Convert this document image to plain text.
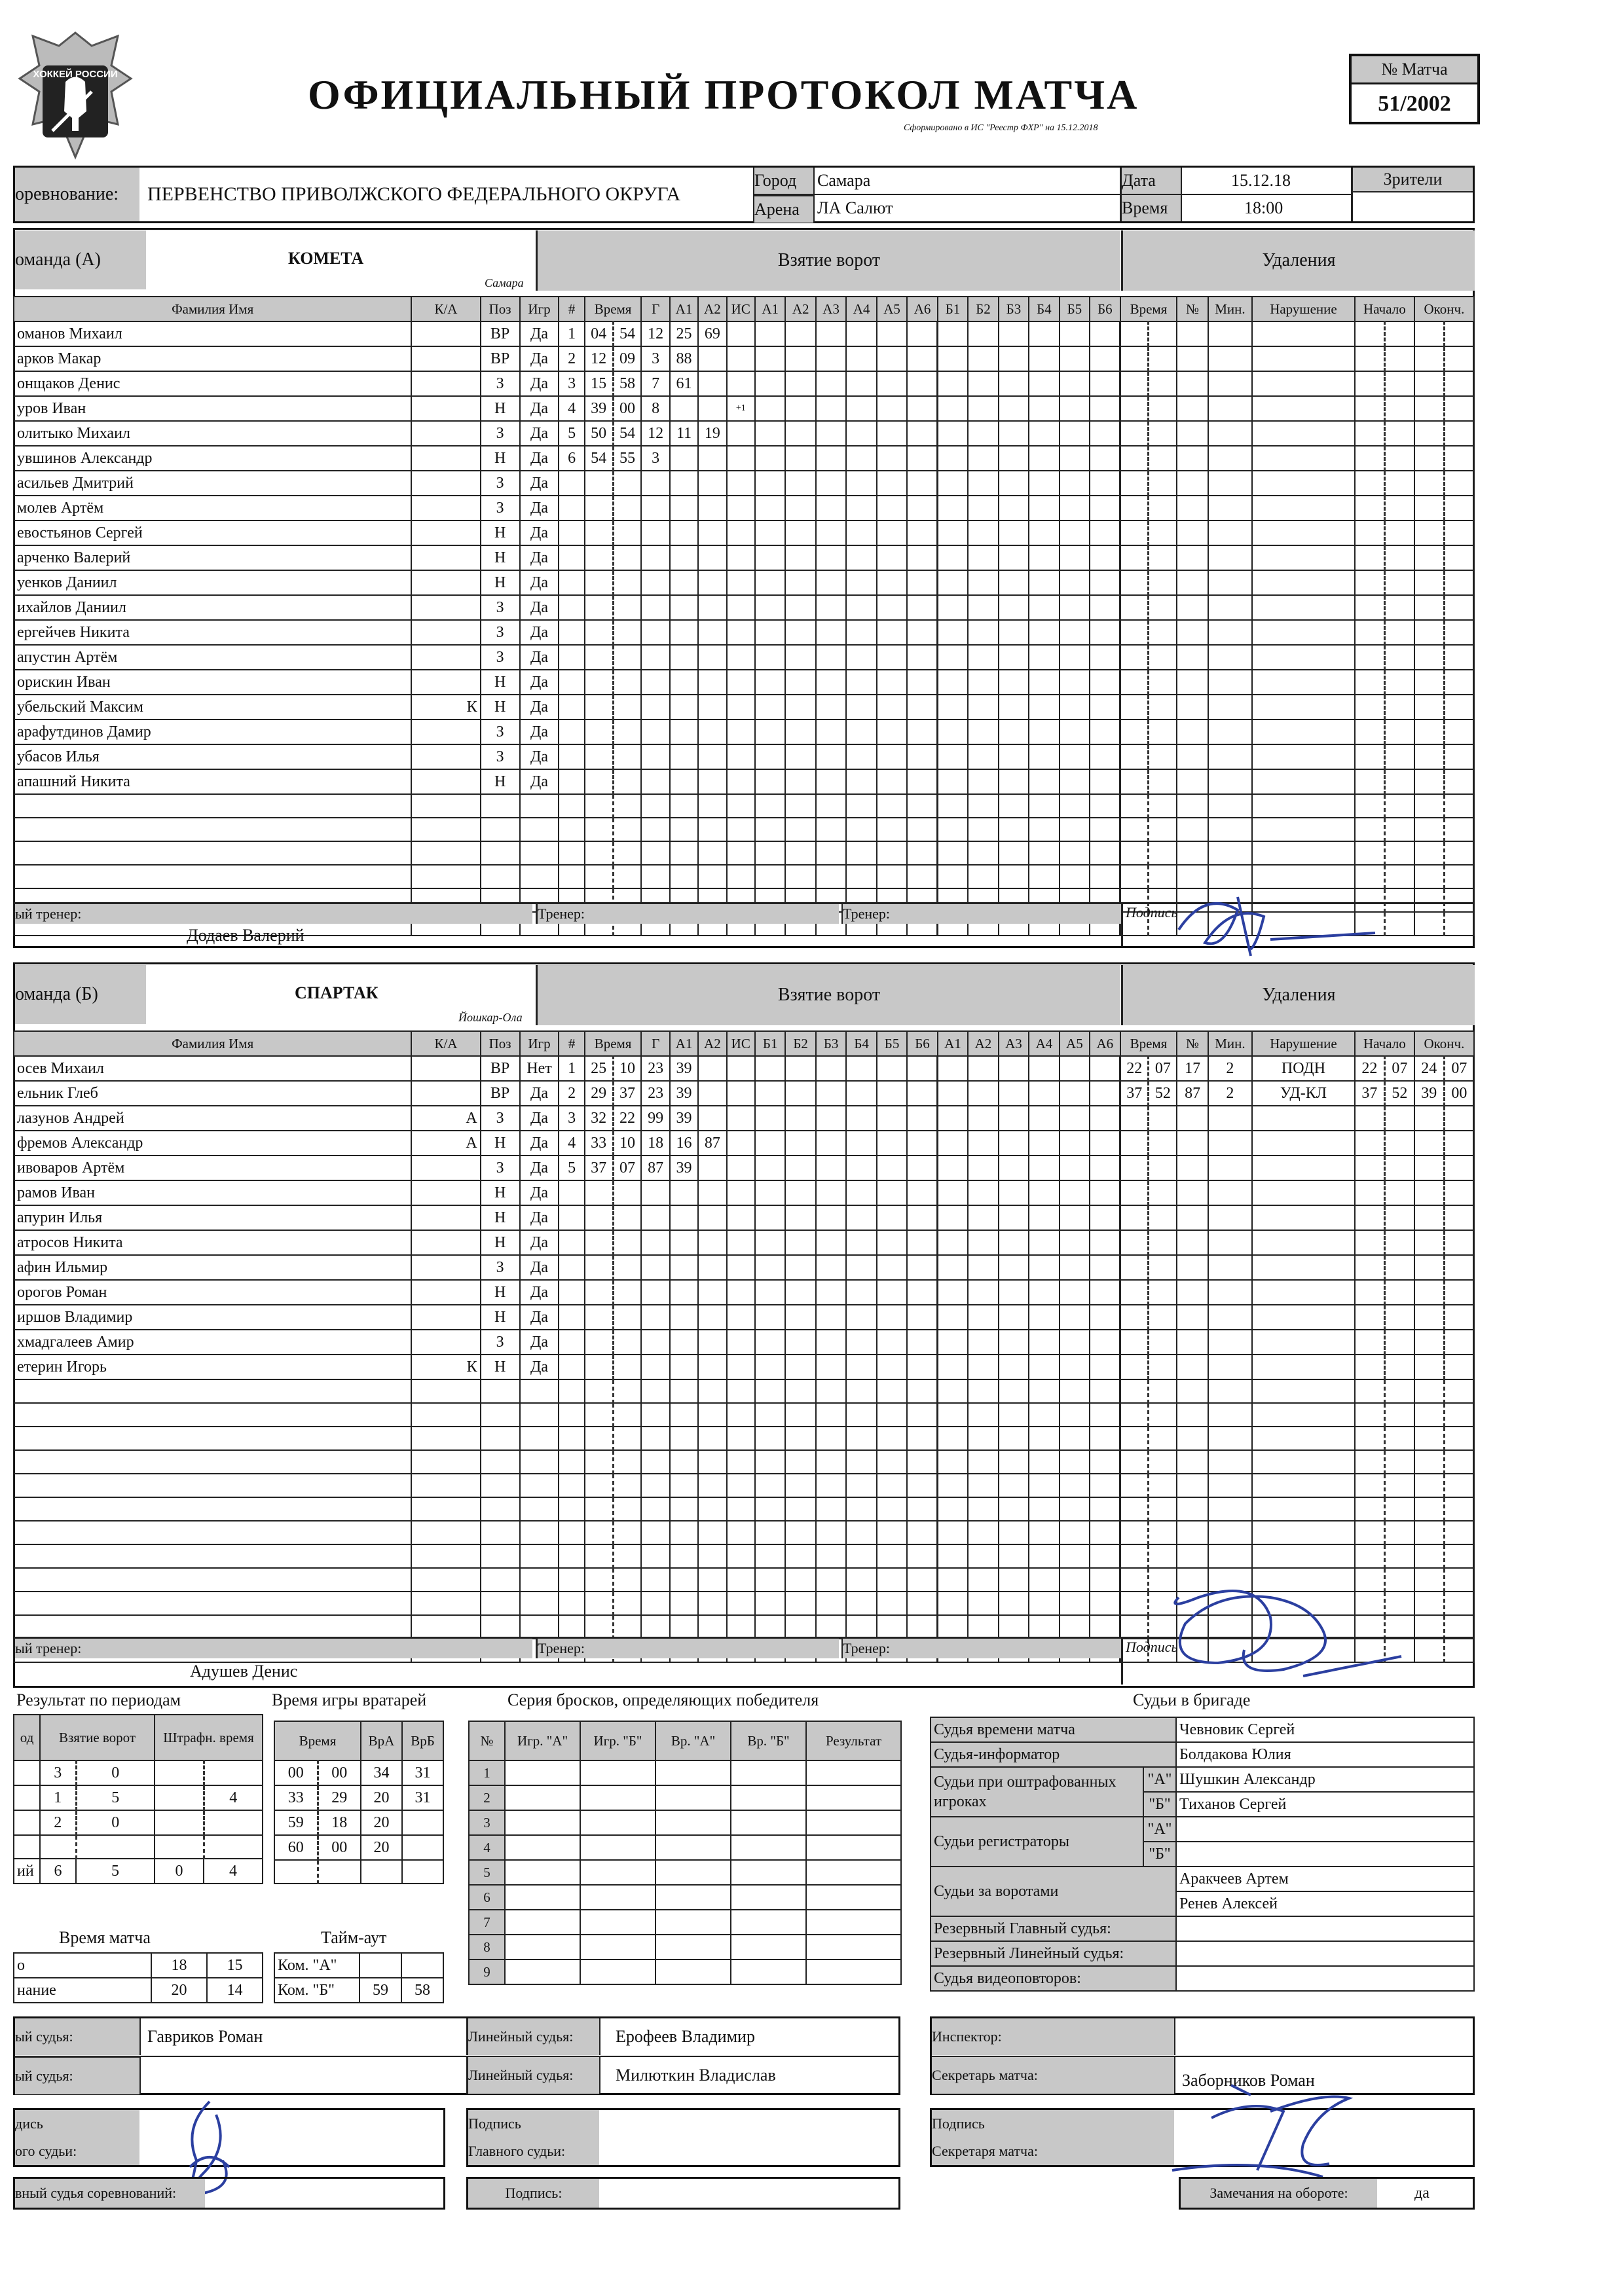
ХОККЕЙ РОССИИ	ОФИЦИАЛЬНЫЙ ПРОТОКОЛ МАТЧА
Сформировано в ИС "Реестр ФХР" на 15.12.2018
№ Матча
51/2002
оревнование:	ПЕРВЕНСТВО ПРИВОЛЖСКОГО ФЕДЕРАЛЬНОГО ОКРУГА
Город	Самара
Арена	ЛА Салют
Дата	15.12.18
Время	18:00
Зрители
оманда (А)	КОМЕТА
Самара
Взятие ворот	Удаления
Фамилия Имя	К/А	Поз	Игр	#	Время		Г	А1	А2	ИС	А1	А2	А3	А4	А5	А6	Б1	Б2	Б3	Б4	Б5	Б6	Время		№	Мин.	Нарушение	Начало		Оконч.	
оманов Михаил		ВР	Да	1	04	54	12	25	69																						
арков Макар		ВР	Да	2	12	09	3	88																							
онщаков Денис		З	Да	3	15	58	7	61																							
уров Иван		Н	Да	4	39	00	8			+1																					
олитыко Михаил		З	Да	5	50	54	12	11	19																						
увшинов Александр		Н	Да	6	54	55	3																								
асильев Дмитрий		З	Да																												
молев Артём		З	Да																												
евостьянов Сергей		Н	Да																												
арченко Валерий		Н	Да																												
уенков Даниил		Н	Да																												
ихайлов Даниил		З	Да																												
ергейчев Никита		З	Да																												
апустин Артём		З	Да																												
орискин Иван		Н	Да																												
убельский Максим	К	Н	Да																												
арафутдинов Дамир		З	Да																												
убасов Илья		З	Да																												
апашний Никита		Н	Да																												

ый тренер:
Додаев Валерий
Тренер:	Тренер:	Подпись
оманда (Б)	СПАРТАК
Йошкар-Ола
Взятие ворот	Удаления
Фамилия Имя	К/А	Поз	Игр	#	Время		Г	А1	А2	ИС	Б1	Б2	Б3	Б4	Б5	Б6	А1	А2	А3	А4	А5	А6	Время		№	Мин.	Нарушение	Начало		Оконч.	
осев Михаил		ВР	Нет	1	25	10	23	39															22	07	17	2	ПОДН	22	07	24	07
ельник Глеб		ВР	Да	2	29	37	23	39															37	52	87	2	УД-КЛ	37	52	39	00
лазунов Андрей	А	З	Да	3	32	22	99	39																							
фремов Александр	А	Н	Да	4	33	10	18	16	87																						
ивоваров Артём		З	Да	5	37	07	87	39																							
рамов Иван		Н	Да																												
апурин Илья		Н	Да																												
атросов Никита		Н	Да																												
афин Ильмир		З	Да																												
орогов Роман		Н	Да																												
иршов Владимир		Н	Да																												
хмадгалеев Амир		З	Да																												
етерин Игорь	К	Н	Да																												

ый тренер:
Адушев Денис
Тренер:	Тренер:	Подпись
Результат по периодам
од	Взятие ворот		Штрафн. время	
	3	0		
	1	5		4
	2	0		

ий	6	5	0	4
Время матча
о	18	15
нание	20	14
Время игры вратарей
Время		ВрА	ВрБ
00	00	34	31
33	29	20	31
59	18	20	
60	00	20	

Тайм-аут
Ком. "А"		
Ком. "Б"	59	58
Серия бросков, определяющих победителя
№	Игр. "А"	Игр. "Б"	Вр. "А"	Вр. "Б"	Результат
1					
2					
3					
4					
5					
6					
7					
8					
9					
Судьи в бригаде
Судья времени матча		Чевновик Сергей
Судья-информатор		Болдакова Юлия
Судьи при оштрафованных игроках	"А"	Шушкин Александр
	"Б"	Тиханов Сергей
Судьи регистраторы	"А"	
	"Б"	
Судьи за воротами		Аракчеев Артем
		Ренев Алексей
Резервный Главный судья:		
Резервный Линейный судья:		
Судья видеоповторов:		
ый судья:	Гавриков Роман
ый судья:
Линейный судья:	Ерофеев Владимир
Линейный судья:	Милюткин Владислав
Инспектор:
Секретарь матча:	Заборников Роман
дись
ого судьи:
Подпись
Главного судьи:
Подпись
Секретаря матча:
вный судья соревнований:	Подпись:	Замечания на обороте:	да
